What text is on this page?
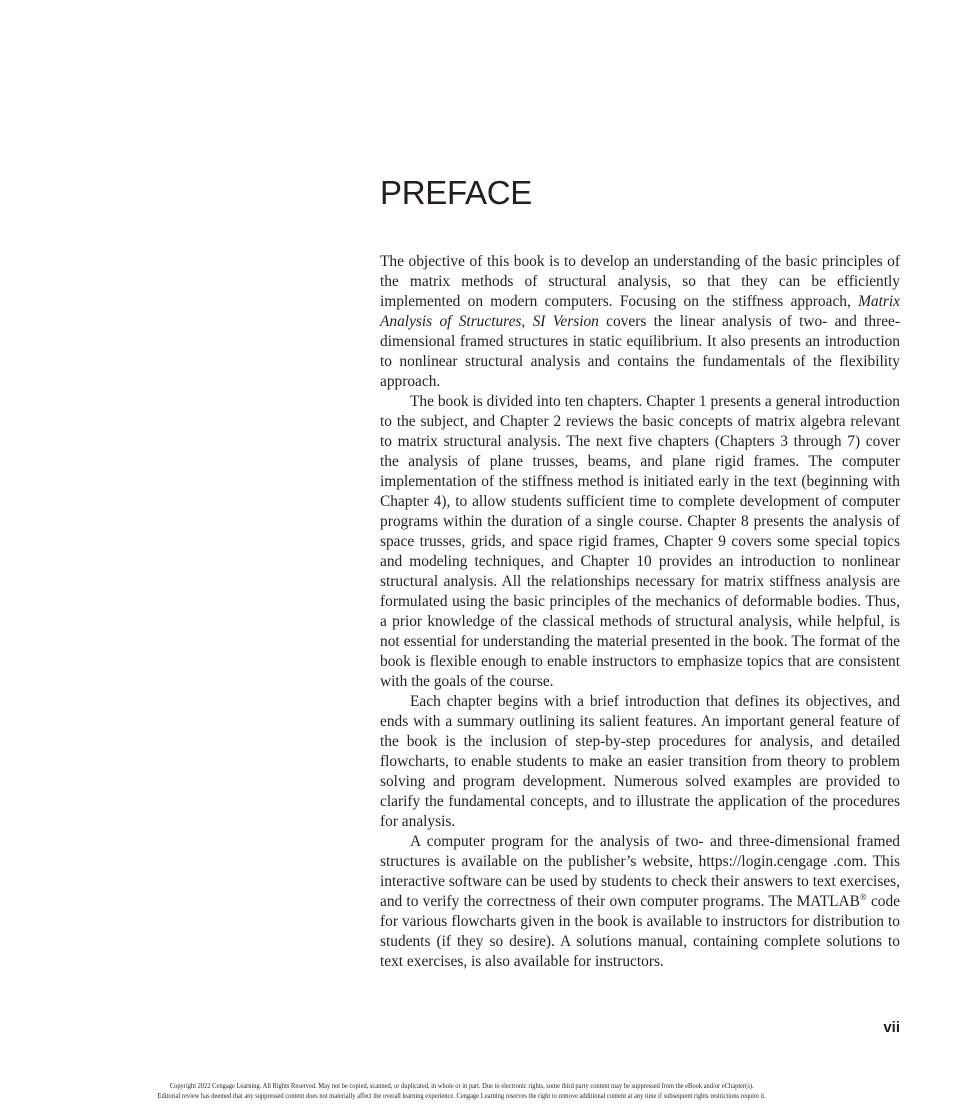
PREFACE

The objective of this book is to develop an understanding of the basic principles of the matrix methods of structural analysis, so that they can be efficiently implemented on modern computers. Focusing on the stiffness approach, Matrix Analysis of Structures, SI Version covers the linear analysis of two- and three-dimensional framed structures in static equilibrium. It also presents an introduction to nonlinear structural analysis and contains the fundamentals of the flexibility approach.

The book is divided into ten chapters. Chapter 1 presents a general introduction to the subject, and Chapter 2 reviews the basic concepts of matrix algebra relevant to matrix structural analysis. The next five chapters (Chapters 3 through 7) cover the analysis of plane trusses, beams, and plane rigid frames. The computer implementation of the stiffness method is initiated early in the text (beginning with Chapter 4), to allow students sufficient time to complete development of computer programs within the duration of a single course. Chapter 8 presents the analysis of space trusses, grids, and space rigid frames, Chapter 9 covers some special topics and modeling techniques, and Chapter 10 provides an introduction to nonlinear structural analysis. All the relationships necessary for matrix stiffness analysis are formulated using the basic principles of the mechanics of deformable bodies. Thus, a prior knowledge of the classical methods of structural analysis, while helpful, is not essential for understanding the material presented in the book. The format of the book is flexible enough to enable instructors to emphasize topics that are consistent with the goals of the course.

Each chapter begins with a brief introduction that defines its objectives, and ends with a summary outlining its salient features. An important general feature of the book is the inclusion of step-by-step procedures for analysis, and detailed flowcharts, to enable students to make an easier transition from theory to problem solving and program development. Numerous solved examples are provided to clarify the fundamental concepts, and to illustrate the application of the procedures for analysis.

A computer program for the analysis of two- and three-dimensional framed structures is available on the publisher’s website, https://login.cengage .com. This interactive software can be used by students to check their answers to text exercises, and to verify the correctness of their own computer programs. The MATLAB® code for various flowcharts given in the book is available to instructors for distribution to students (if they so desire). A solutions manual, containing complete solutions to text exercises, is also available for instructors.

vii
Copyright 2022 Cengage Learning. All Rights Reserved. May not be copied, scanned, or duplicated, in whole or in part. Due to electronic rights, some third party content may be suppressed from the eBook and/or eChapter(s).
Editorial review has deemed that any suppressed content does not materially affect the overall learning experience. Cengage Learning reserves the right to remove additional content at any time if subsequent rights restrictions require it.
